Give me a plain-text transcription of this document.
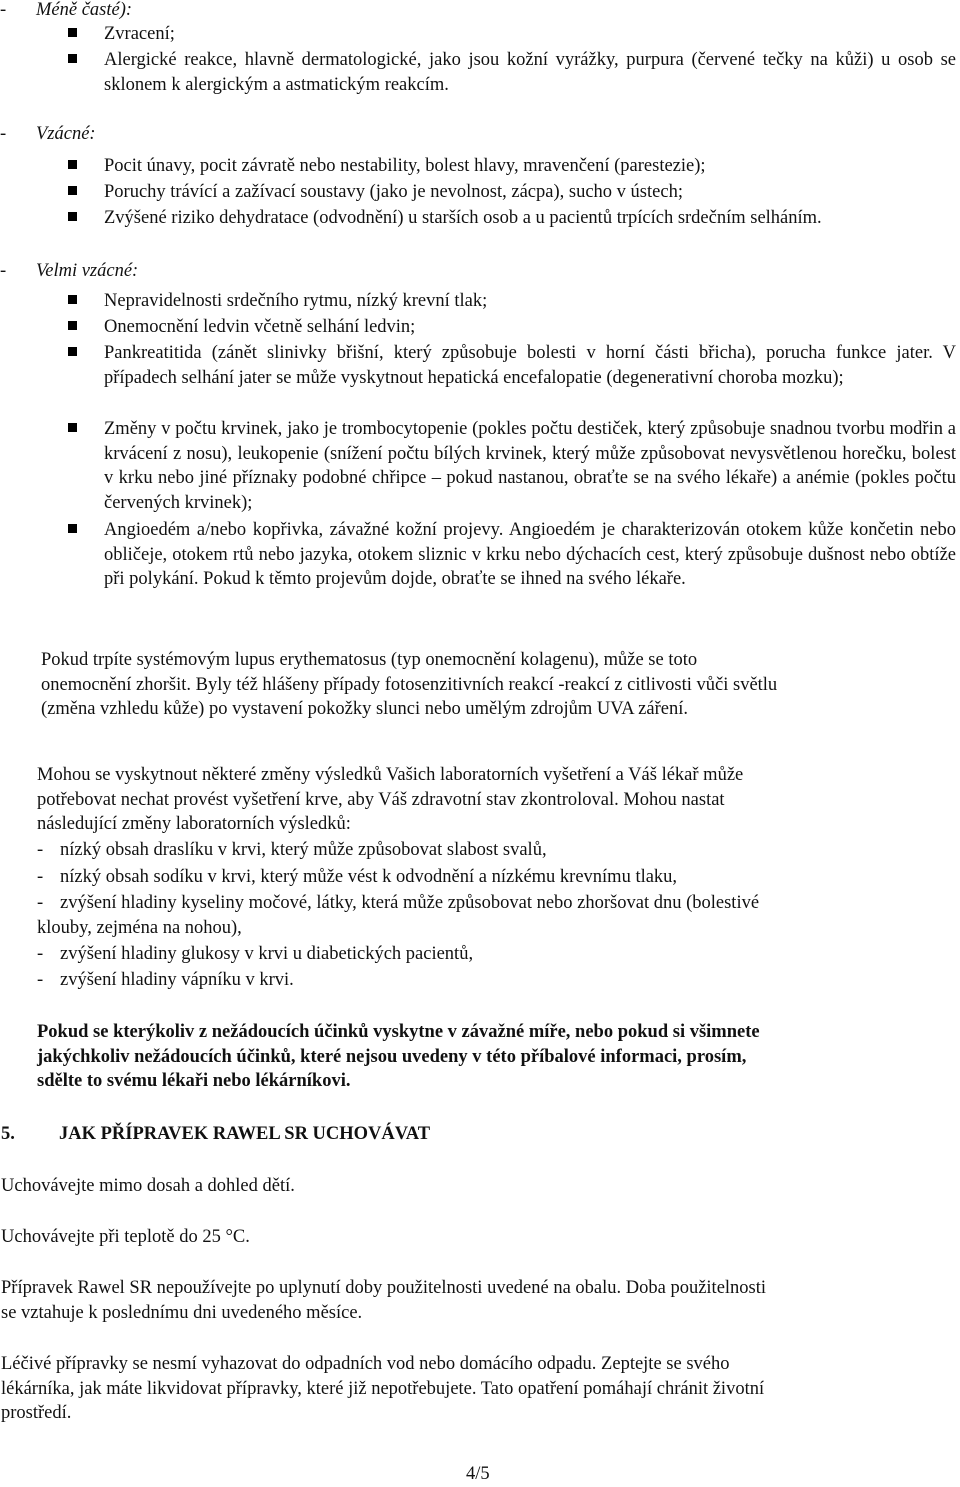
- Méně časté):
Zvracení;
Alergické reakce, hlavně dermatologické, jako jsou kožní vyrážky, purpura (červené tečky na kůži) u osob se sklonem k alergickým a astmatickým reakcím.
- Vzácné:
Pocit únavy, pocit závratě nebo nestability, bolest hlavy, mravenčení (parestezie);
Poruchy trávící a zažívací soustavy (jako je nevolnost, zácpa), sucho v ústech;
Zvýšené riziko dehydratace (odvodnění) u starších osob a u pacientů trpících srdečním selháním.
- Velmi vzácné:
Nepravidelnosti srdečního rytmu, nízký krevní tlak;
Onemocnění ledvin včetně selhání ledvin;
Pankreatitida (zánět slinivky břišní, který způsobuje bolesti v horní části břicha), porucha funkce jater. V případech selhání jater se může vyskytnout hepatická encefalopatie (degenerativní choroba mozku);
Změny v počtu krvinek, jako je trombocytopenie (pokles počtu destiček, který způsobuje snadnou tvorbu modřin a krvácení z nosu), leukopenie (snížení počtu bílých krvinek, který může způsobovat nevysvětlenou horečku, bolest v krku nebo jiné příznaky podobné chřipce – pokud nastanou, obraťte se na svého lékaře) a anémie (pokles počtu červených krvinek);
Angioedém a/nebo kopřivka, závažné kožní projevy. Angioedém je charakterizován otokem kůže končetin nebo obličeje, otokem rtů nebo jazyka, otokem sliznic v krku nebo dýchacích cest, který způsobuje dušnost nebo obtíže při polykání. Pokud k těmto projevům dojde, obraťte se ihned na svého lékaře.
Pokud trpíte systémovým lupus erythematosus (typ onemocnění kolagenu), může se toto
onemocnění zhoršit. Byly též hlášeny případy fotosenzitivních reakcí -reakcí z citlivosti vůči světlu
(změna vzhledu kůže) po vystavení pokožky slunci nebo umělým zdrojům UVA záření.
Mohou se vyskytnout některé změny výsledků Vašich laboratorních vyšetření a Váš lékař může
potřebovat nechat provést vyšetření krve, aby Váš zdravotní stav zkontroloval. Mohou nastat
následující změny laboratorních výsledků:
- nízký obsah draslíku v krvi, který může způsobovat slabost svalů,
- nízký obsah sodíku v krvi, který může vést k odvodnění a nízkému krevnímu tlaku,
- zvýšení hladiny kyseliny močové, látky, která může způsobovat nebo zhoršovat dnu (bolestivé
klouby, zejména na nohou),
- zvýšení hladiny glukosy v krvi u diabetických pacientů,
- zvýšení hladiny vápníku v krvi.
Pokud se kterýkoliv z nežádoucích účinků vyskytne v závažné míře, nebo pokud si všimnete
jakýchkoliv nežádoucích účinků, které nejsou uvedeny v této příbalové informaci, prosím,
sdělte to svému lékaři nebo lékárníkovi.
5. JAK PŘÍPRAVEK RAWEL SR UCHOVÁVAT
Uchovávejte mimo dosah a dohled dětí.
Uchovávejte při teplotě do 25 °C.
Přípravek Rawel SR nepoužívejte po uplynutí doby použitelnosti uvedené na obalu. Doba použitelnosti
se vztahuje k poslednímu dni uvedeného měsíce.
Léčivé přípravky se nesmí vyhazovat do odpadních vod nebo domácího odpadu. Zeptejte se svého
lékárníka, jak máte likvidovat přípravky, které již nepotřebujete. Tato opatření pomáhají chránit životní
prostředí.
4/5
